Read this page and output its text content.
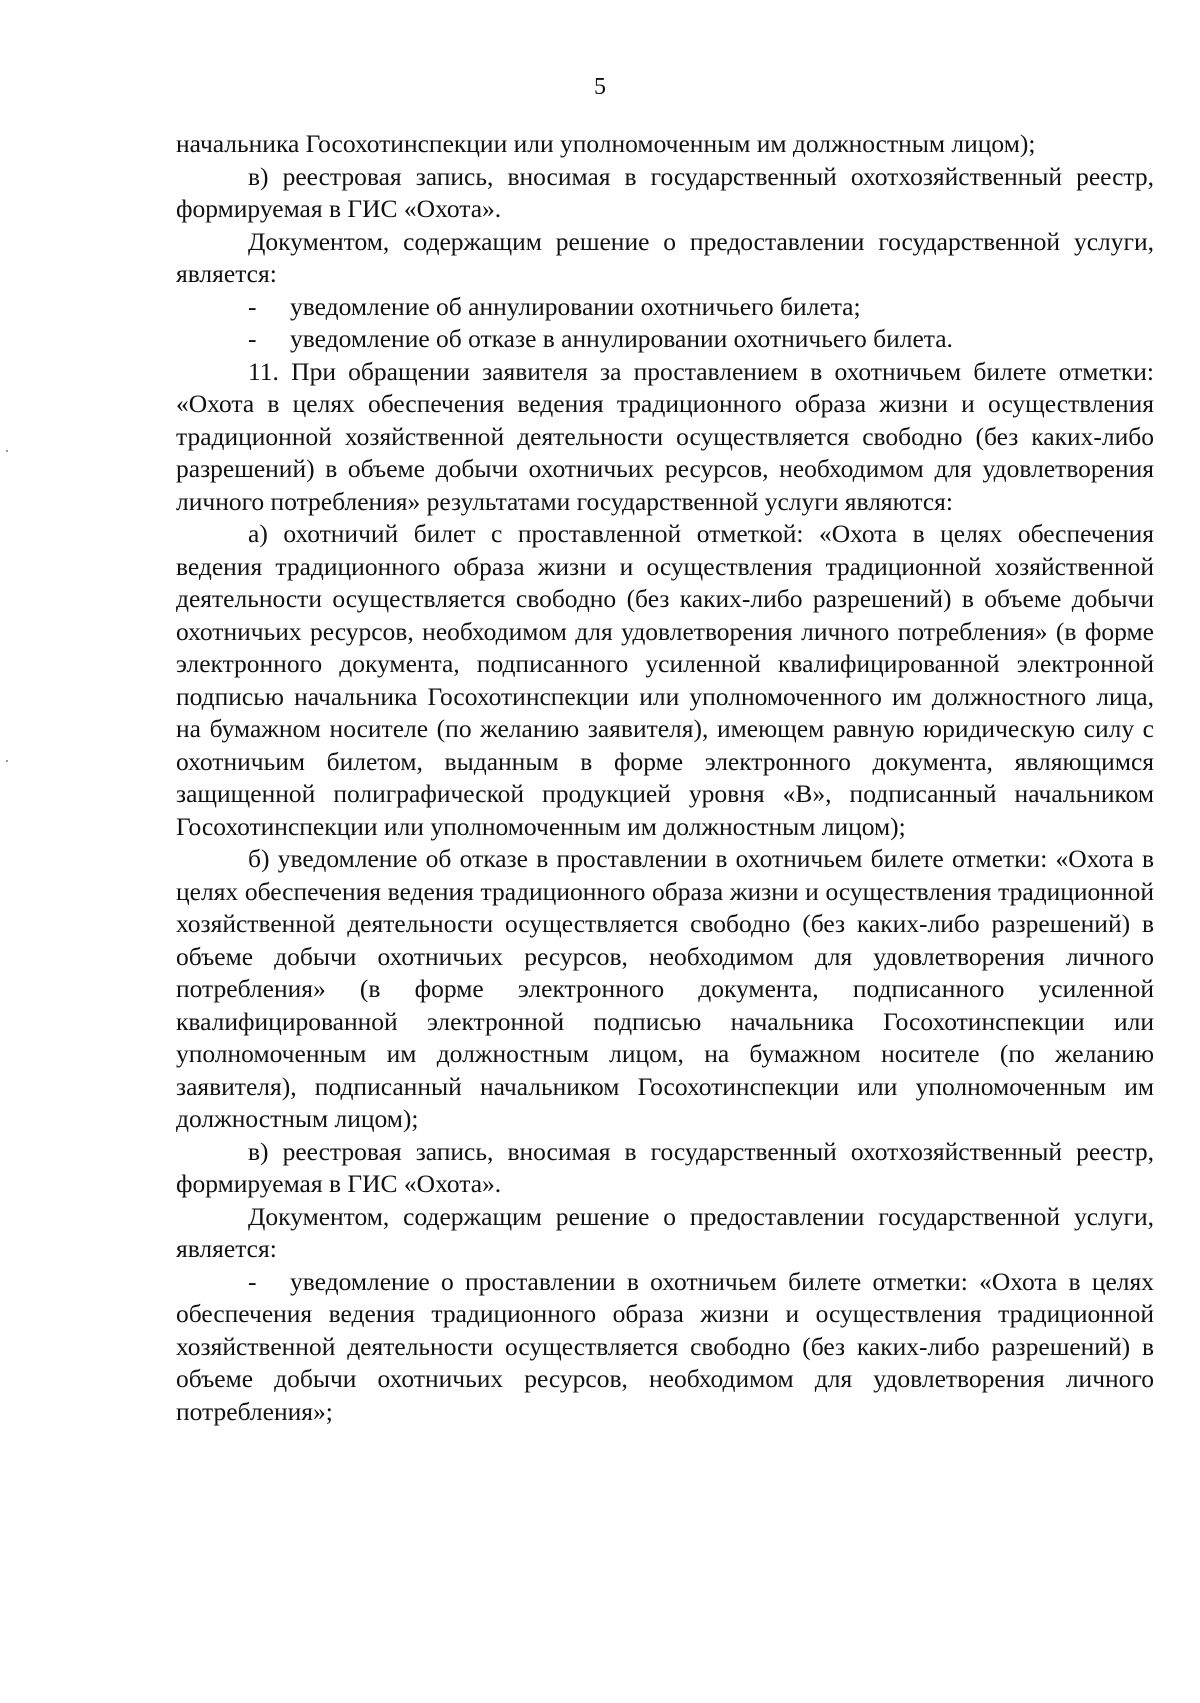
5

начальника Госохотинспекции или уполномоченным им должностным лицом);

в) реестровая запись, вносимая в государственный охотхозяйственный реестр, формируемая в ГИС «Охота».

Документом, содержащим решение о предоставлении государственной услуги, является:

- уведомление об аннулировании охотничьего билета;

- уведомление об отказе в аннулировании охотничьего билета.

11. При обращении заявителя за проставлением в охотничьем билете отметки: «Охота в целях обеспечения ведения традиционного образа жизни и осуществления традиционной хозяйственной деятельности осуществляется свободно (без каких-либо разрешений) в объеме добычи охотничьих ресурсов, необходимом для удовлетворения личного потребления» результатами государственной услуги являются:

а) охотничий билет с проставленной отметкой: «Охота в целях обеспечения ведения традиционного образа жизни и осуществления традиционной хозяйственной деятельности осуществляется свободно (без каких-либо разрешений) в объеме добычи охотничьих ресурсов, необходимом для удовлетворения личного потребления» (в форме электронного документа, подписанного усиленной квалифицированной электронной подписью начальника Госохотинспекции или уполномоченного им должностного лица, на бумажном носителе (по желанию заявителя), имеющем равную юридическую силу с охотничьим билетом, выданным в форме электронного документа, являющимся защищенной полиграфической продукцией уровня «В», подписанный начальником Госохотинспекции или уполномоченным им должностным лицом);

б) уведомление об отказе в проставлении в охотничьем билете отметки: «Охота в целях обеспечения ведения традиционного образа жизни и осуществления традиционной хозяйственной деятельности осуществляется свободно (без каких-либо разрешений) в объеме добычи охотничьих ресурсов, необходимом для удовлетворения личного потребления» (в форме электронного документа, подписанного усиленной квалифицированной электронной подписью начальника Госохотинспекции или уполномоченным им должностным лицом, на бумажном носителе (по желанию заявителя), подписанный начальником Госохотинспекции или уполномоченным им должностным лицом);

в) реестровая запись, вносимая в государственный охотхозяйственный реестр, формируемая в ГИС «Охота».

Документом, содержащим решение о предоставлении государственной услуги, является:

- уведомление о проставлении в охотничьем билете отметки: «Охота в целях обеспечения ведения традиционного образа жизни и осуществления традиционной хозяйственной деятельности осуществляется свободно (без каких-либо разрешений) в объеме добычи охотничьих ресурсов, необходимом для удовлетворения личного потребления»;
